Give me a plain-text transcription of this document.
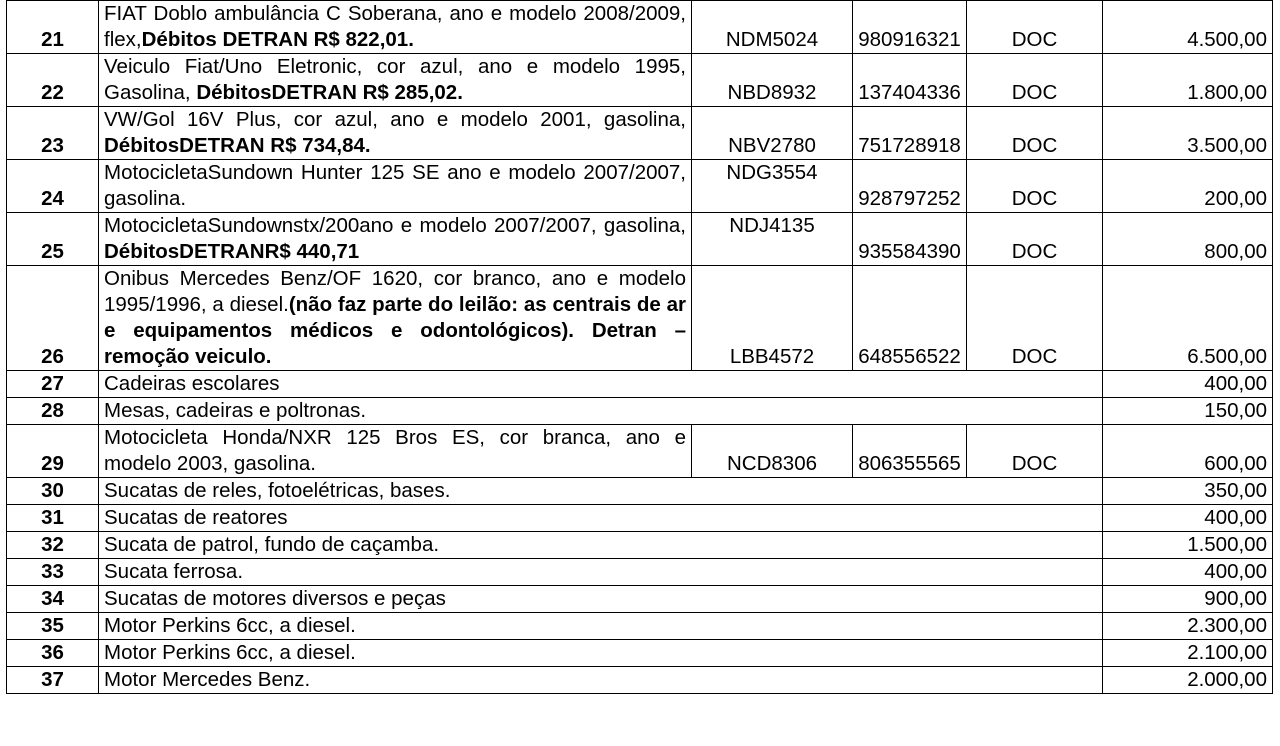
21	FIAT Doblo ambulância C Soberana, ano e modelo 2008/2009, flex,Débitos DETRAN R$ 822,01.	NDM5024	980916321	DOC	4.500,00
22	Veiculo Fiat/Uno Eletronic, cor azul, ano e modelo 1995, Gasolina, DébitosDETRAN R$ 285,02.	NBD8932	137404336	DOC	1.800,00
23	VW/Gol 16V Plus, cor azul, ano e modelo 2001, gasolina, DébitosDETRAN R$ 734,84.	NBV2780	751728918	DOC	3.500,00
24	MotocicletaSundown Hunter 125 SE ano e modelo 2007/2007, gasolina.	NDG3554	928797252	DOC	200,00
25	MotocicletaSundownstx/200ano e modelo 2007/2007, gasolina, DébitosDETRANR$ 440,71	NDJ4135	935584390	DOC	800,00
26	Onibus Mercedes Benz/OF 1620, cor branco, ano e modelo 1995/1996, a diesel.(não faz parte do leilão: as centrais de ar e equipamentos médicos e odontológicos). Detran – remoção veiculo.	LBB4572	648556522	DOC	6.500,00
27	Cadeiras escolares				400,00
28	Mesas, cadeiras e poltronas.				150,00
29	Motocicleta Honda/NXR 125 Bros ES, cor branca, ano e modelo 2003, gasolina.	NCD8306	806355565	DOC	600,00
30	Sucatas de reles, fotoelétricas, bases.				350,00
31	Sucatas de reatores				400,00
32	Sucata de patrol, fundo de caçamba.				1.500,00
33	Sucata ferrosa.				400,00
34	Sucatas de motores diversos e peças				900,00
35	Motor Perkins 6cc, a diesel.				2.300,00
36	Motor Perkins 6cc, a diesel.				2.100,00
37	Motor Mercedes Benz.				2.000,00
